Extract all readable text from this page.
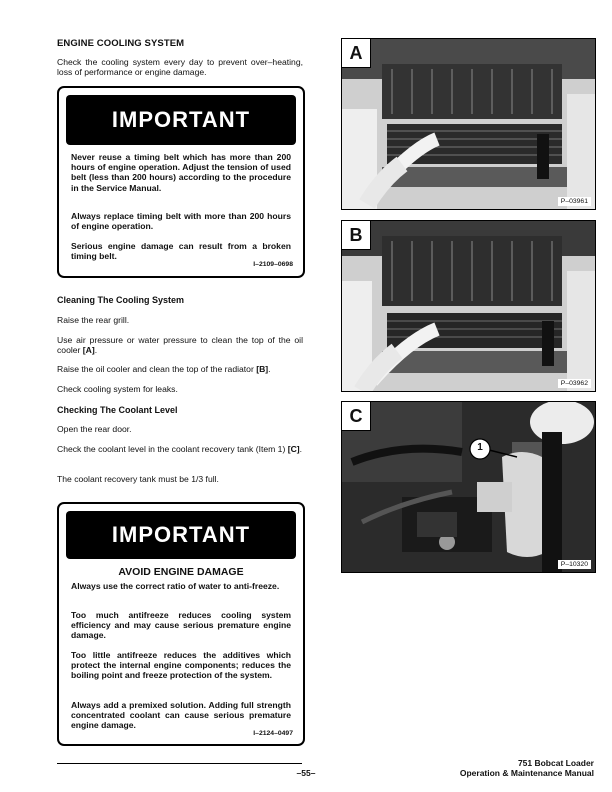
ENGINE COOLING SYSTEM
Check the cooling system every day to prevent over–heating, loss of performance or engine damage.
IMPORTANT
Never reuse a timing belt which has more than 200 hours of engine operation. Adjust the tension of used belt (less than 200 hours) according to the procedure in the Service Manual.
Always replace timing belt with more than 200 hours of engine operation.
Serious engine damage can result from a broken timing belt.
I–2109–0698
Cleaning The Cooling System
Raise the rear grill.
Use air pressure or water pressure to clean the top of the oil cooler [A].
Raise the oil cooler and clean the top of the radiator [B].
Check cooling system for leaks.
Checking The Coolant Level
Open the rear door.
Check the coolant level in the coolant recovery tank (Item 1) [C].
The coolant recovery tank must be 1/3 full.
IMPORTANT
AVOID ENGINE DAMAGE
Always use the correct ratio of water to anti-freeze.
Too much antifreeze reduces cooling system efficiency and may cause serious premature engine damage.
Too little antifreeze reduces the additives which protect the internal engine components; reduces the boiling point and freeze protection of the system.
Always add a premixed solution. Adding full strength concentrated coolant can cause serious premature engine damage.
I–2124–0497
A
P–03961
B
P–03962
1
C
P–10320
–55–
751 Bobcat Loader
Operation & Maintenance Manual
